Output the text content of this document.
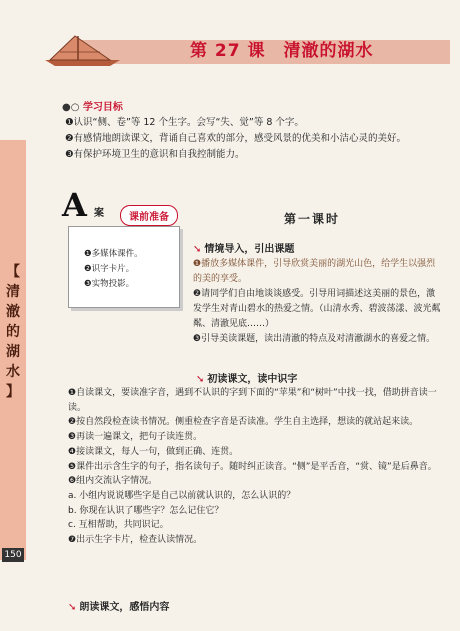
第 27 课　清澈的湖水
【
清
澈
的
湖
水
】
150
●○ 学习目标
❶认识“侧、卷”等 12 个生字。会写“失、觉”等 8 个字。
❷有感情地朗读课文，背诵自己喜欢的部分，感受风景的优美和小洁心灵的美好。
❸有保护环境卫生的意识和自我控制能力。
A 案	课前准备
❶多媒体课件。
❷识字卡片。
❸实物投影。
第一课时
➘ 情境导入，引出课题
❶播放多媒体课件，引导欣赏美丽的湖光山色，给学生以强烈的美的享受。
❷请同学们自由地谈谈感受。引导用词描述这美丽的景色，激发学生对青山碧水的热爱之情。（山清水秀、碧波荡漾、波光粼粼、清澈见底……）
❸引导美读课题，读出清澈的特点及对清澈湖水的喜爱之情。
➘ 初读课文，读中识字
❶自读课文，要读准字音，遇到不认识的字到下面的“苹果”和“树叶”中找一找，借助拼音读一读。
❷按自然段检查读书情况。侧重检查字音是否读准。学生自主选择，想读的就站起来读。
❸再读一遍课文，把句子读连贯。
❹接读课文，每人一句，做到正确、连贯。
❺课件出示含生字的句子，指名读句子。随时纠正读音。“侧”是平舌音，“赏、镜”是后鼻音。
❻组内交流认字情况。
a. 小组内说说哪些字是自己以前就认识的，怎么认识的？
b. 你现在认识了哪些字？怎么记住它？
c. 互相帮助，共同识记。
❼出示生字卡片，检查认读情况。
➘ 朗读课文，感悟内容
